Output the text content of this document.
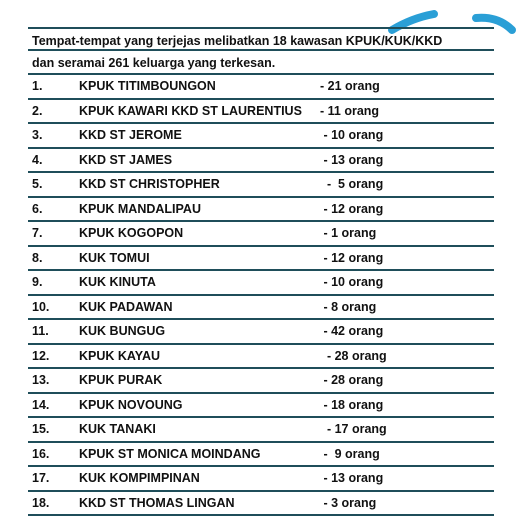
Tempat-tempat yang terjejas melibatkan 18 kawasan KPUK/KUK/KKD
dan seramai 261 keluarga yang terkesan.
1.	KPUK TITIMBOUNGON	- 21 orang
2.	KPUK KAWARI KKD ST LAURENTIUS - 11 orang
3.	KKD ST JEROME	- 10 orang
4.	KKD ST JAMES	- 13 orang
5.	KKD ST CHRISTOPHER	-  5 orang
6.	KPUK MANDALIPAU	- 12 orang
7.	KPUK KOGOPON	- 1 orang
8.	KUK TOMUI	- 12 orang
9.	KUK KINUTA	- 10 orang
10. KUK PADAWAN	- 8 orang
11. KUK BUNGUG	- 42 orang
12. KPUK KAYAU	- 28 orang
13. KPUK PURAK	- 28 orang
14. KPUK NOVOUNG	- 18 orang
15. KUK TANAKI	- 17 orang
16. KPUK ST MONICA MOINDANG	-  9 orang
17. KUK KOMPIMPINAN	- 13 orang
18. KKD ST THOMAS LINGAN	- 3 orang
